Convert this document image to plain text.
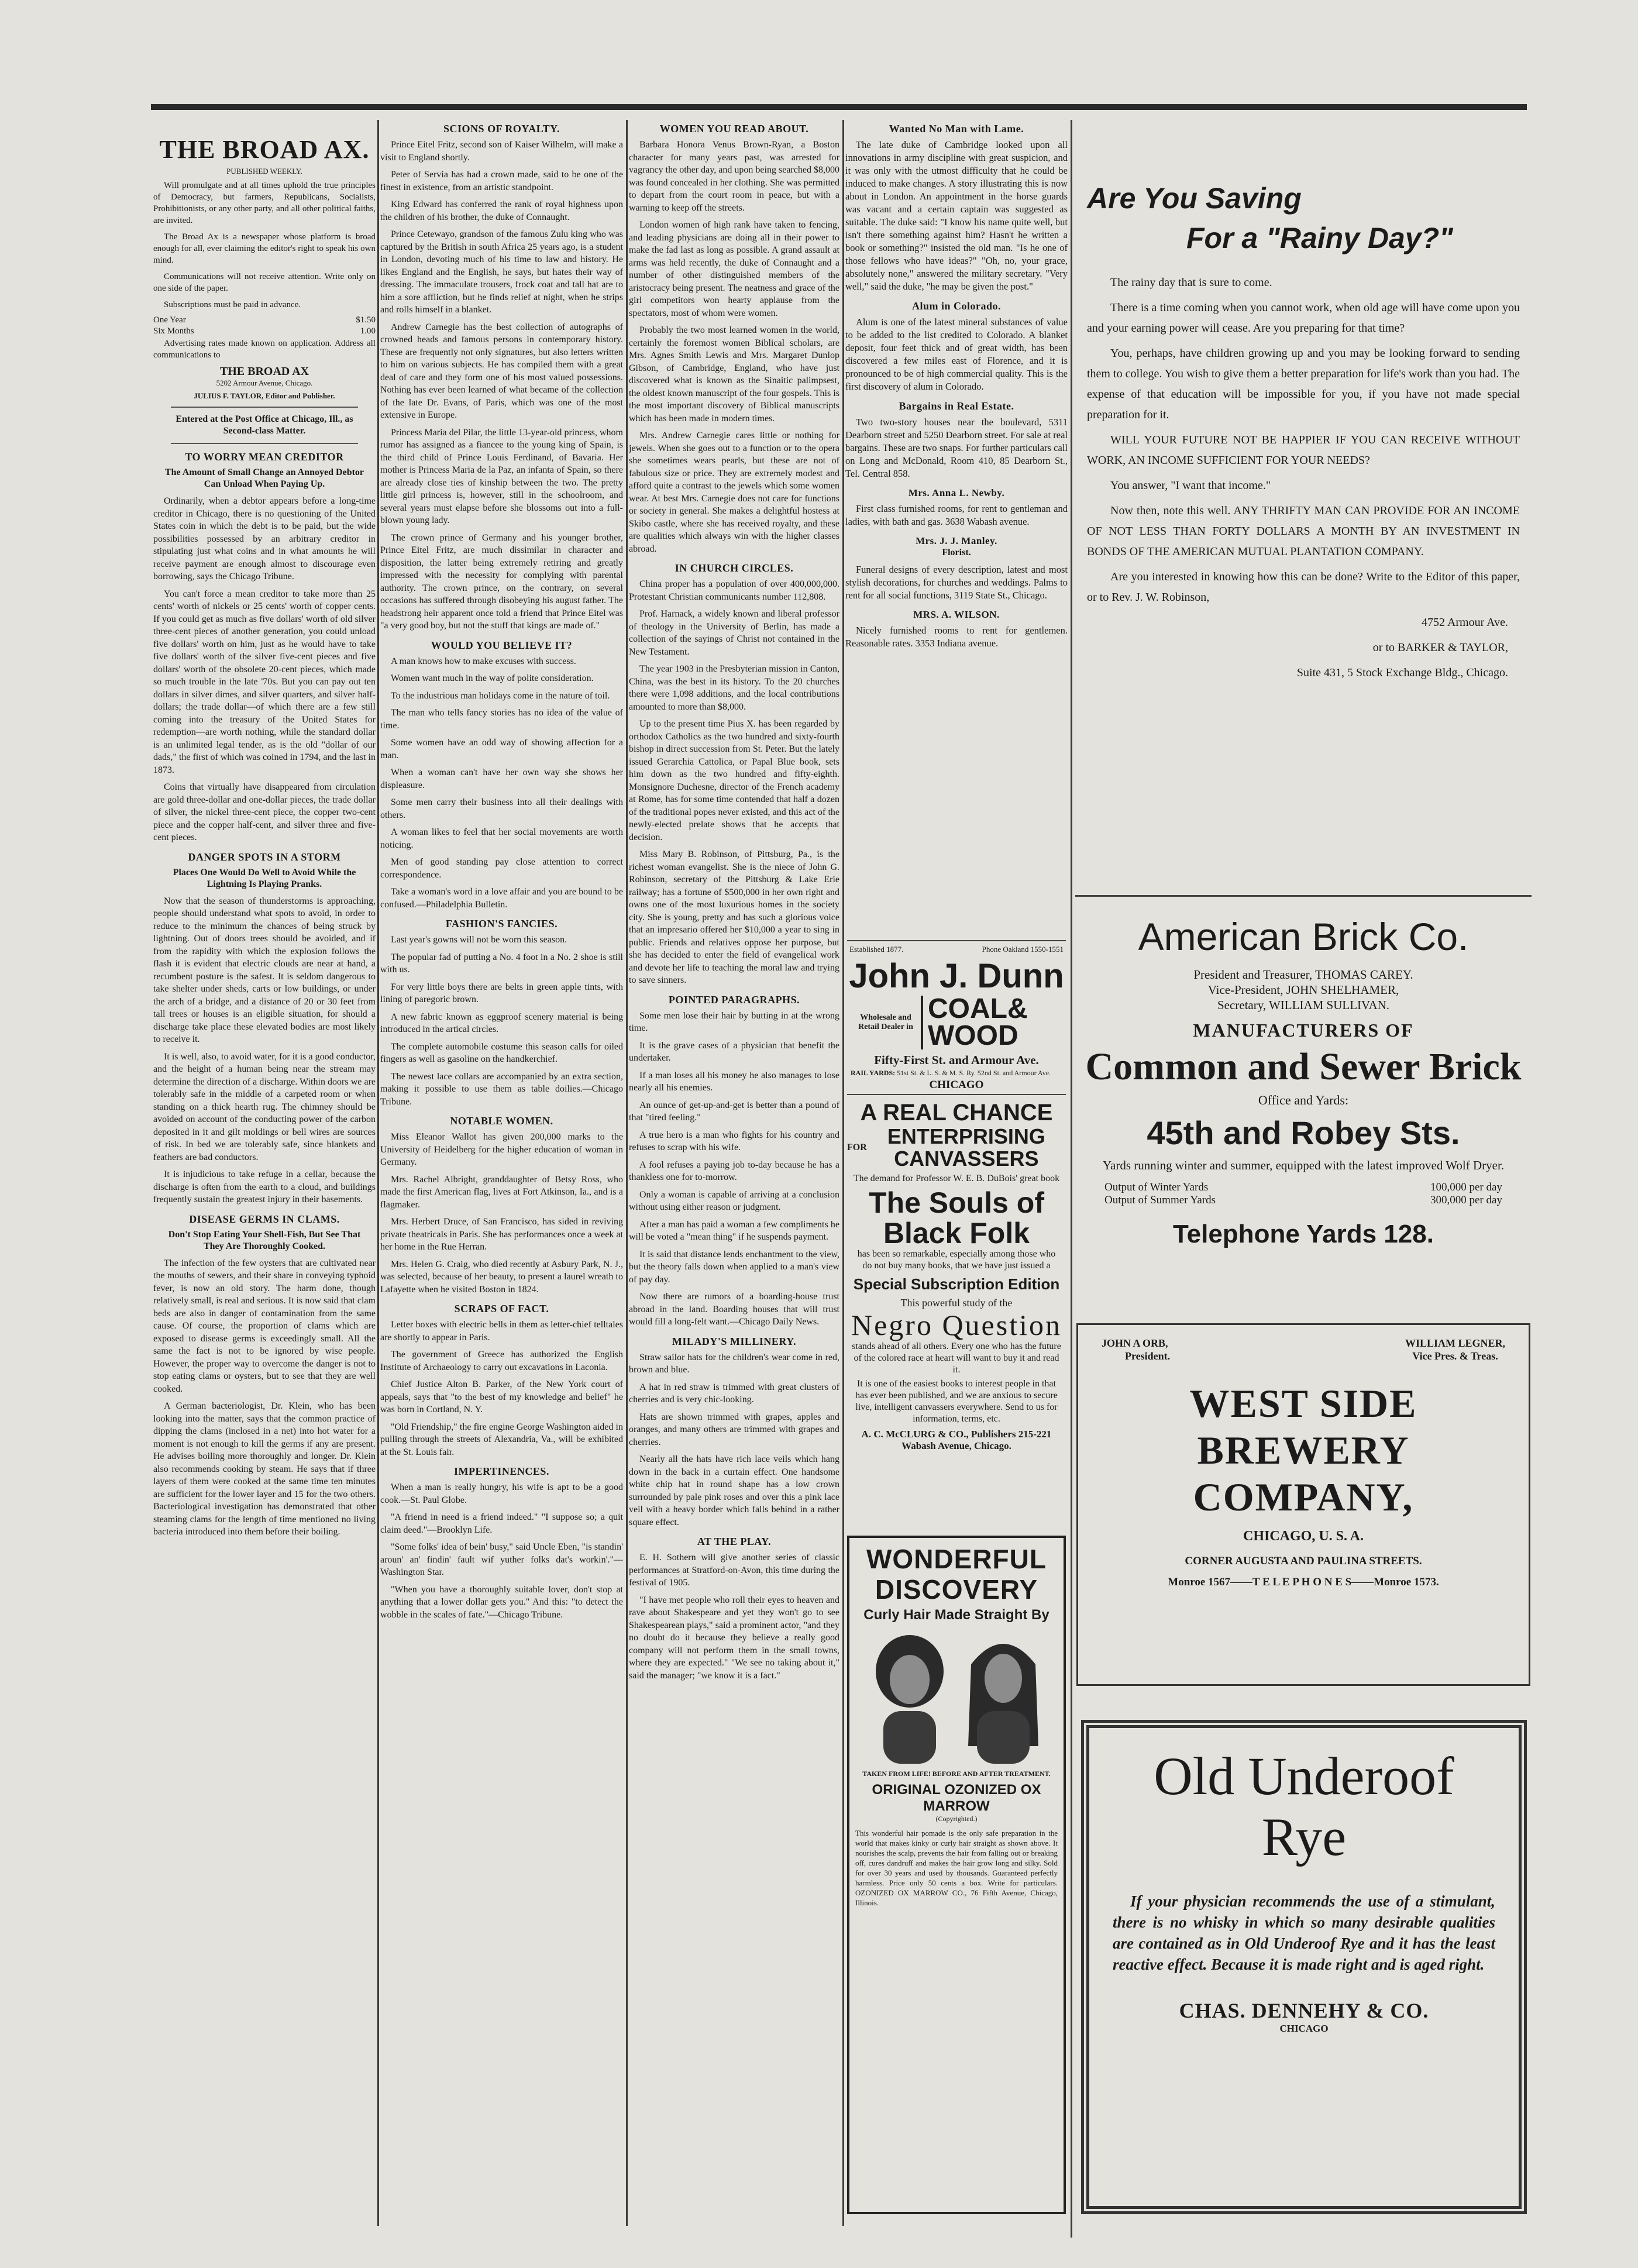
THE BROAD AX.
PUBLISHED WEEKLY.

Will promulgate and at all times uphold the true principles of Democracy, but farmers, Republicans, Socialists, Prohibitionists, or any other party, and all other political faiths, are invited.

The Broad Ax is a newspaper whose platform is broad enough for all, ever claiming the editor's right to speak his own mind.

Communications will not receive attention. Write only on one side of the paper.

Subscriptions must be paid in advance.

One Year	$1.50
Six Months	1.00

Advertising rates made known on application. Address all communications to

THE BROAD AX
5202 Armour Avenue, Chicago.
JULIUS F. TAYLOR, Editor and Publisher.
Entered at the Post Office at Chicago, Ill., as Second-class Matter.
TO WORRY MEAN CREDITOR
The Amount of Small Change an Annoyed Debtor Can Unload When Paying Up.

Ordinarily, when a debtor appears before a long-time creditor in Chicago, there is no questioning of the United States coin in which the debt is to be paid, but the wide possibilities possessed by an arbitrary creditor in stipulating just what coins and in what amounts he will receive payment are enough almost to discourage even borrowing, says the Chicago Tribune.

You can't force a mean creditor to take more than 25 cents' worth of nickels or 25 cents' worth of copper cents. If you could get as much as five dollars' worth of old silver three-cent pieces of another generation, you could unload five dollars' worth on him, just as he would have to take five dollars' worth of the silver five-cent pieces and five dollars' worth of the obsolete 20-cent pieces, which made so much trouble in the late '70s. But you can pay out ten dollars in silver dimes, and silver quarters, and silver half-dollars; the trade dollar—of which there are a few still coming into the treasury of the United States for redemption—are worth nothing, while the standard dollar is an unlimited legal tender, as is the old "dollar of our dads," the first of which was coined in 1794, and the last in 1873.

Coins that virtually have disappeared from circulation are gold three-dollar and one-dollar pieces, the trade dollar of silver, the nickel three-cent piece, the copper two-cent piece and the copper half-cent, and silver three and five-cent pieces.

DANGER SPOTS IN A STORM
Places One Would Do Well to Avoid While the Lightning Is Playing Pranks.

Now that the season of thunderstorms is approaching, people should understand what spots to avoid, in order to reduce to the minimum the chances of being struck by lightning. Out of doors trees should be avoided, and if from the rapidity with which the explosion follows the flash it is evident that electric clouds are near at hand, a recumbent posture is the safest. It is seldom dangerous to take shelter under sheds, carts or low buildings, or under the arch of a bridge, and a distance of 20 or 30 feet from tall trees or houses is an eligible situation, for should a discharge take place these elevated bodies are most likely to receive it.

It is well, also, to avoid water, for it is a good conductor, and the height of a human being near the stream may determine the direction of a discharge. Within doors we are tolerably safe in the middle of a carpeted room or when standing on a thick hearth rug. The chimney should be avoided on account of the conducting power of the carbon deposited in it and gilt moldings or bell wires are sources of risk. In bed we are tolerably safe, since blankets and feathers are bad conductors.

It is injudicious to take refuge in a cellar, because the discharge is often from the earth to a cloud, and buildings frequently sustain the greatest injury in their basements.

DISEASE GERMS IN CLAMS.
Don't Stop Eating Your Shell-Fish, But See That They Are Thoroughly Cooked.

The infection of the few oysters that are cultivated near the mouths of sewers, and their share in conveying typhoid fever, is now an old story. The harm done, though relatively small, is real and serious. It is now said that clam beds are also in danger of contamination from the same cause. Of course, the proportion of clams which are exposed to disease germs is exceedingly small. All the same the fact is not to be ignored by wise people. However, the proper way to overcome the danger is not to stop eating clams or oysters, but to see that they are well cooked.

A German bacteriologist, Dr. Klein, who has been looking into the matter, says that the common practice of dipping the clams (inclosed in a net) into hot water for a moment is not enough to kill the germs if any are present. He advises boiling more thoroughly and longer. Dr. Klein also recommends cooking by steam. He says that if three layers of them were cooked at the same time ten minutes are sufficient for the lower layer and 15 for the two others. Bacteriological investigation has demonstrated that other steaming clams for the length of time mentioned no living bacteria introduced into them before their boiling.

SCIONS OF ROYALTY.

Prince Eitel Fritz, second son of Kaiser Wilhelm, will make a visit to England shortly.

Peter of Servia has had a crown made, said to be one of the finest in existence, from an artistic standpoint.

King Edward has conferred the rank of royal highness upon the children of his brother, the duke of Connaught.

Prince Cetewayo, grandson of the famous Zulu king who was captured by the British in south Africa 25 years ago, is a student in London, devoting much of his time to law and history. He likes England and the English, he says, but hates their way of dressing. The immaculate trousers, frock coat and tall hat are to him a sore affliction, but he finds relief at night, when he strips and rolls himself in a blanket.

Andrew Carnegie has the best collection of autographs of crowned heads and famous persons in contemporary history. These are frequently not only signatures, but also letters written to him on various subjects. He has compiled them with a great deal of care and they form one of his most valued possessions. Nothing has ever been learned of what became of the collection of the late Dr. Evans, of Paris, which was one of the most extensive in Europe.

Princess Maria del Pilar, the little 13-year-old princess, whom rumor has assigned as a fiancee to the young king of Spain, is the third child of Prince Louis Ferdinand, of Bavaria. Her mother is Princess Maria de la Paz, an infanta of Spain, so there are already close ties of kinship between the two. The pretty little girl princess is, however, still in the schoolroom, and several years must elapse before she blossoms out into a full-blown young lady.

The crown prince of Germany and his younger brother, Prince Eitel Fritz, are much dissimilar in character and disposition, the latter being extremely retiring and greatly impressed with the necessity for complying with parental authority. The crown prince, on the contrary, on several occasions has suffered through disobeying his august father. The headstrong heir apparent once told a friend that Prince Eitel was "a very good boy, but not the stuff that kings are made of."

WOULD YOU BELIEVE IT?

A man knows how to make excuses with success.

Women want much in the way of polite consideration.

To the industrious man holidays come in the nature of toil.

The man who tells fancy stories has no idea of the value of time.

Some women have an odd way of showing affection for a man.

When a woman can't have her own way she shows her displeasure.

Some men carry their business into all their dealings with others.

A woman likes to feel that her social movements are worth noticing.

Men of good standing pay close attention to correct correspondence.

Take a woman's word in a love affair and you are bound to be confused.—Philadelphia Bulletin.

FASHION'S FANCIES.

Last year's gowns will not be worn this season.

The popular fad of putting a No. 4 foot in a No. 2 shoe is still with us.

For very little boys there are belts in green apple tints, with lining of paregoric brown.

A new fabric known as eggproof scenery material is being introduced in the artical circles.

The complete automobile costume this season calls for oiled fingers as well as gasoline on the handkerchief.

The newest lace collars are accompanied by an extra section, making it possible to use them as table doilies.—Chicago Tribune.

NOTABLE WOMEN.

Miss Eleanor Wallot has given 200,000 marks to the University of Heidelberg for the higher education of woman in Germany.

Mrs. Rachel Albright, granddaughter of Betsy Ross, who made the first American flag, lives at Fort Atkinson, Ia., and is a flagmaker.

Mrs. Herbert Druce, of San Francisco, has sided in reviving private theatricals in Paris. She has performances once a week at her home in the Rue Herran.

Mrs. Helen G. Craig, who died recently at Asbury Park, N. J., was selected, because of her beauty, to present a laurel wreath to Lafayette when he visited Boston in 1824.

SCRAPS OF FACT.

Letter boxes with electric bells in them as letter-chief telltales are shortly to appear in Paris.

The government of Greece has authorized the English Institute of Archaeology to carry out excavations in Laconia.

Chief Justice Alton B. Parker, of the New York court of appeals, says that "to the best of my knowledge and belief" he was born in Cortland, N. Y.

"Old Friendship," the fire engine George Washington aided in pulling through the streets of Alexandria, Va., will be exhibited at the St. Louis fair.

IMPERTINENCES.

When a man is really hungry, his wife is apt to be a good cook.—St. Paul Globe.

"A friend in need is a friend indeed." "I suppose so; a quit claim deed."—Brooklyn Life.

"Some folks' idea of bein' busy," said Uncle Eben, "is standin' aroun' an' findin' fault wif yuther folks dat's workin'."—Washington Star.

"When you have a thoroughly suitable lover, don't stop at anything that a lower dollar gets you." And this: "to detect the wobble in the scales of fate."—Chicago Tribune.

WOMEN YOU READ ABOUT.

Barbara Honora Venus Brown-Ryan, a Boston character for many years past, was arrested for vagrancy the other day, and upon being searched $8,000 was found concealed in her clothing. She was permitted to depart from the court room in peace, but with a warning to keep off the streets.

London women of high rank have taken to fencing, and leading physicians are doing all in their power to make the fad last as long as possible. A grand assault at arms was held recently, the duke of Connaught and a number of other distinguished members of the aristocracy being present. The neatness and grace of the girl competitors won hearty applause from the spectators, most of whom were women.

Probably the two most learned women in the world, certainly the foremost women Biblical scholars, are Mrs. Agnes Smith Lewis and Mrs. Margaret Dunlop Gibson, of Cambridge, England, who have just discovered what is known as the Sinaitic palimpsest, the oldest known manuscript of the four gospels. This is the most important discovery of Biblical manuscripts which has been made in modern times.

Mrs. Andrew Carnegie cares little or nothing for jewels. When she goes out to a function or to the opera she sometimes wears pearls, but these are not of fabulous size or price. They are extremely modest and afford quite a contrast to the jewels which some women wear. At best Mrs. Carnegie does not care for functions or society in general. She makes a delightful hostess at Skibo castle, where she has received royalty, and these are qualities which always win with the higher classes abroad.

IN CHURCH CIRCLES.

China proper has a population of over 400,000,000. Protestant Christian communicants number 112,808.

Prof. Harnack, a widely known and liberal professor of theology in the University of Berlin, has made a collection of the sayings of Christ not contained in the New Testament.

The year 1903 in the Presbyterian mission in Canton, China, was the best in its history. To the 20 churches there were 1,098 additions, and the local contributions amounted to more than $8,000.

Up to the present time Pius X. has been regarded by orthodox Catholics as the two hundred and sixty-fourth bishop in direct succession from St. Peter. But the lately issued Gerarchia Cattolica, or Papal Blue book, sets him down as the two hundred and fifty-eighth. Monsignore Duchesne, director of the French academy at Rome, has for some time contended that half a dozen of the traditional popes never existed, and this act of the newly-elected prelate shows that he accepts that decision.

Miss Mary B. Robinson, of Pittsburg, Pa., is the richest woman evangelist. She is the niece of John G. Robinson, secretary of the Pittsburg & Lake Erie railway; has a fortune of $500,000 in her own right and owns one of the most luxurious homes in the society city. She is young, pretty and has such a glorious voice that an impresario offered her $10,000 a year to sing in public. Friends and relatives oppose her purpose, but she has decided to enter the field of evangelical work and devote her life to teaching the moral law and trying to save sinners.

POINTED PARAGRAPHS.

Some men lose their hair by butting in at the wrong time.

It is the grave cases of a physician that benefit the undertaker.

If a man loses all his money he also manages to lose nearly all his enemies.

An ounce of get-up-and-get is better than a pound of that "tired feeling."

A true hero is a man who fights for his country and refuses to scrap with his wife.

A fool refuses a paying job to-day because he has a thankless one for to-morrow.

Only a woman is capable of arriving at a conclusion without using either reason or judgment.

After a man has paid a woman a few compliments he will be voted a "mean thing" if he suspends payment.

It is said that distance lends enchantment to the view, but the theory falls down when applied to a man's view of pay day.

Now there are rumors of a boarding-house trust abroad in the land. Boarding houses that will trust would fill a long-felt want.—Chicago Daily News.

MILADY'S MILLINERY.

Straw sailor hats for the children's wear come in red, brown and blue.

A hat in red straw is trimmed with great clusters of cherries and is very chic-looking.

Hats are shown trimmed with grapes, apples and oranges, and many others are trimmed with grapes and cherries.

Nearly all the hats have rich lace veils which hang down in the back in a curtain effect. One handsome white chip hat in round shape has a low crown surrounded by pale pink roses and over this a pink lace veil with a heavy border which falls behind in a rather square effect.

AT THE PLAY.

E. H. Sothern will give another series of classic performances at Stratford-on-Avon, this time during the festival of 1905.

"I have met people who roll their eyes to heaven and rave about Shakespeare and yet they won't go to see Shakespearean plays," said a prominent actor, "and they no doubt do it because they believe a really good company will not perform them in the small towns, where they are expected." "We see no taking about it," said the manager; "we know it is a fact."

Wanted No Man with Lame.

The late duke of Cambridge looked upon all innovations in army discipline with great suspicion, and it was only with the utmost difficulty that he could be induced to make changes. A story illustrating this is now about in London. An appointment in the horse guards was vacant and a certain captain was suggested as suitable. The duke said: "I know his name quite well, but isn't there something against him? Hasn't he written a book or something?" insisted the old man. "Is he one of those fellows who have ideas?" "Oh, no, your grace, absolutely none," answered the military secretary. "Very well," said the duke, "he may be given the post."

Alum in Colorado.

Alum is one of the latest mineral substances of value to be added to the list credited to Colorado. A blanket deposit, four feet thick and of great width, has been discovered a few miles east of Florence, and it is pronounced to be of high commercial quality. This is the first discovery of alum in Colorado.

Bargains in Real Estate.

Two two-story houses near the boulevard, 5311 Dearborn street and 5250 Dearborn street. For sale at real bargains. These are two snaps. For further particulars call on Long and McDonald, Room 410, 85 Dearborn St., Tel. Central 858.

Mrs. Anna L. Newby.

First class furnished rooms, for rent to gentleman and ladies, with bath and gas. 3638 Wabash avenue.

Mrs. J. J. Manley.
Florist.

Funeral designs of every description, latest and most stylish decorations, for churches and weddings. Palms to rent for all social functions, 3119 State St., Chicago.

MRS. A. WILSON.

Nicely furnished rooms to rent for gentlemen. Reasonable rates. 3353 Indiana avenue.

Established 1877.	Phone Oakland 1550-1551
John J. Dunn
Wholesale and Retail Dealer in
COAL&
WOOD
Fifty-First St. and Armour Ave.
RAIL YARDS: 51st St. & L. S. & M. S. Ry. 52nd St. and Armour Ave.
CHICAGO
A REAL CHANCE
FOR ENTERPRISING CANVASSERS
The demand for Professor W. E. B. DuBois' great book
The Souls of Black Folk
has been so remarkable, especially among those who do not buy many books, that we have just issued a
Special Subscription Edition
This powerful study of the
Negro Question
stands ahead of all others. Every one who has the future of the colored race at heart will want to buy it and read it.
It is one of the easiest books to interest people in that has ever been published, and we are anxious to secure live, intelligent canvassers everywhere. Send to us for information, terms, etc.
A. C. McCLURG & CO., Publishers 215-221 Wabash Avenue, Chicago.
WONDERFUL DISCOVERY
Curly Hair Made Straight By
TAKEN FROM LIFE! BEFORE AND AFTER TREATMENT.
ORIGINAL OZONIZED OX MARROW
(Copyrighted.)
This wonderful hair pomade is the only safe preparation in the world that makes kinky or curly hair straight as shown above. It nourishes the scalp, prevents the hair from falling out or breaking off, cures dandruff and makes the hair grow long and silky. Sold for over 30 years and used by thousands. Guaranteed perfectly harmless. Price only 50 cents a box. Write for particulars. OZONIZED OX MARROW CO., 76 Fifth Avenue, Chicago, Illinois.
Are You Saving
For a "Rainy Day?"

The rainy day that is sure to come.

There is a time coming when you cannot work, when old age will have come upon you and your earning power will cease. Are you preparing for that time?

You, perhaps, have children growing up and you may be looking forward to sending them to college. You wish to give them a better preparation for life's work than you had. The expense of that education will be impossible for you, if you have not made special preparation for it.

WILL YOUR FUTURE NOT BE HAPPIER IF YOU CAN RECEIVE WITHOUT WORK, AN INCOME SUFFICIENT FOR YOUR NEEDS?

You answer, "I want that income."

Now then, note this well. ANY THRIFTY MAN CAN PROVIDE FOR AN INCOME OF NOT LESS THAN FORTY DOLLARS A MONTH BY AN INVESTMENT IN BONDS OF THE AMERICAN MUTUAL PLANTATION COMPANY.

Are you interested in knowing how this can be done? Write to the Editor of this paper, or to Rev. J. W. Robinson,

4752 Armour Ave.

or to BARKER & TAYLOR,

Suite 431, 5 Stock Exchange Bldg., Chicago.

American Brick Co.
President and Treasurer, THOMAS CAREY.
Vice-President, JOHN SHELHAMER,
Secretary, WILLIAM SULLIVAN.
MANUFACTURERS OF
Common and Sewer Brick
Office and Yards:
45th and Robey Sts.
Yards running winter and summer, equipped with the latest improved Wolf Dryer.
Output of Winter Yards	100,000 per day
Output of Summer Yards	300,000 per day
Telephone Yards 128.
JOHN A ORB,
President.
WILLIAM LEGNER,
Vice Pres. & Treas.
WEST SIDE BREWERY COMPANY,
CHICAGO, U. S. A.
CORNER AUGUSTA AND PAULINA STREETS.
Monroe 1567——T E L E P H O N E S——Monroe 1573.
Old Underoof Rye
If your physician recommends the use of a stimulant, there is no whisky in which so many desirable qualities are contained as in Old Underoof Rye and it has the least reactive effect. Because it is made right and is aged right.
CHAS. DENNEHY & CO.
CHICAGO
